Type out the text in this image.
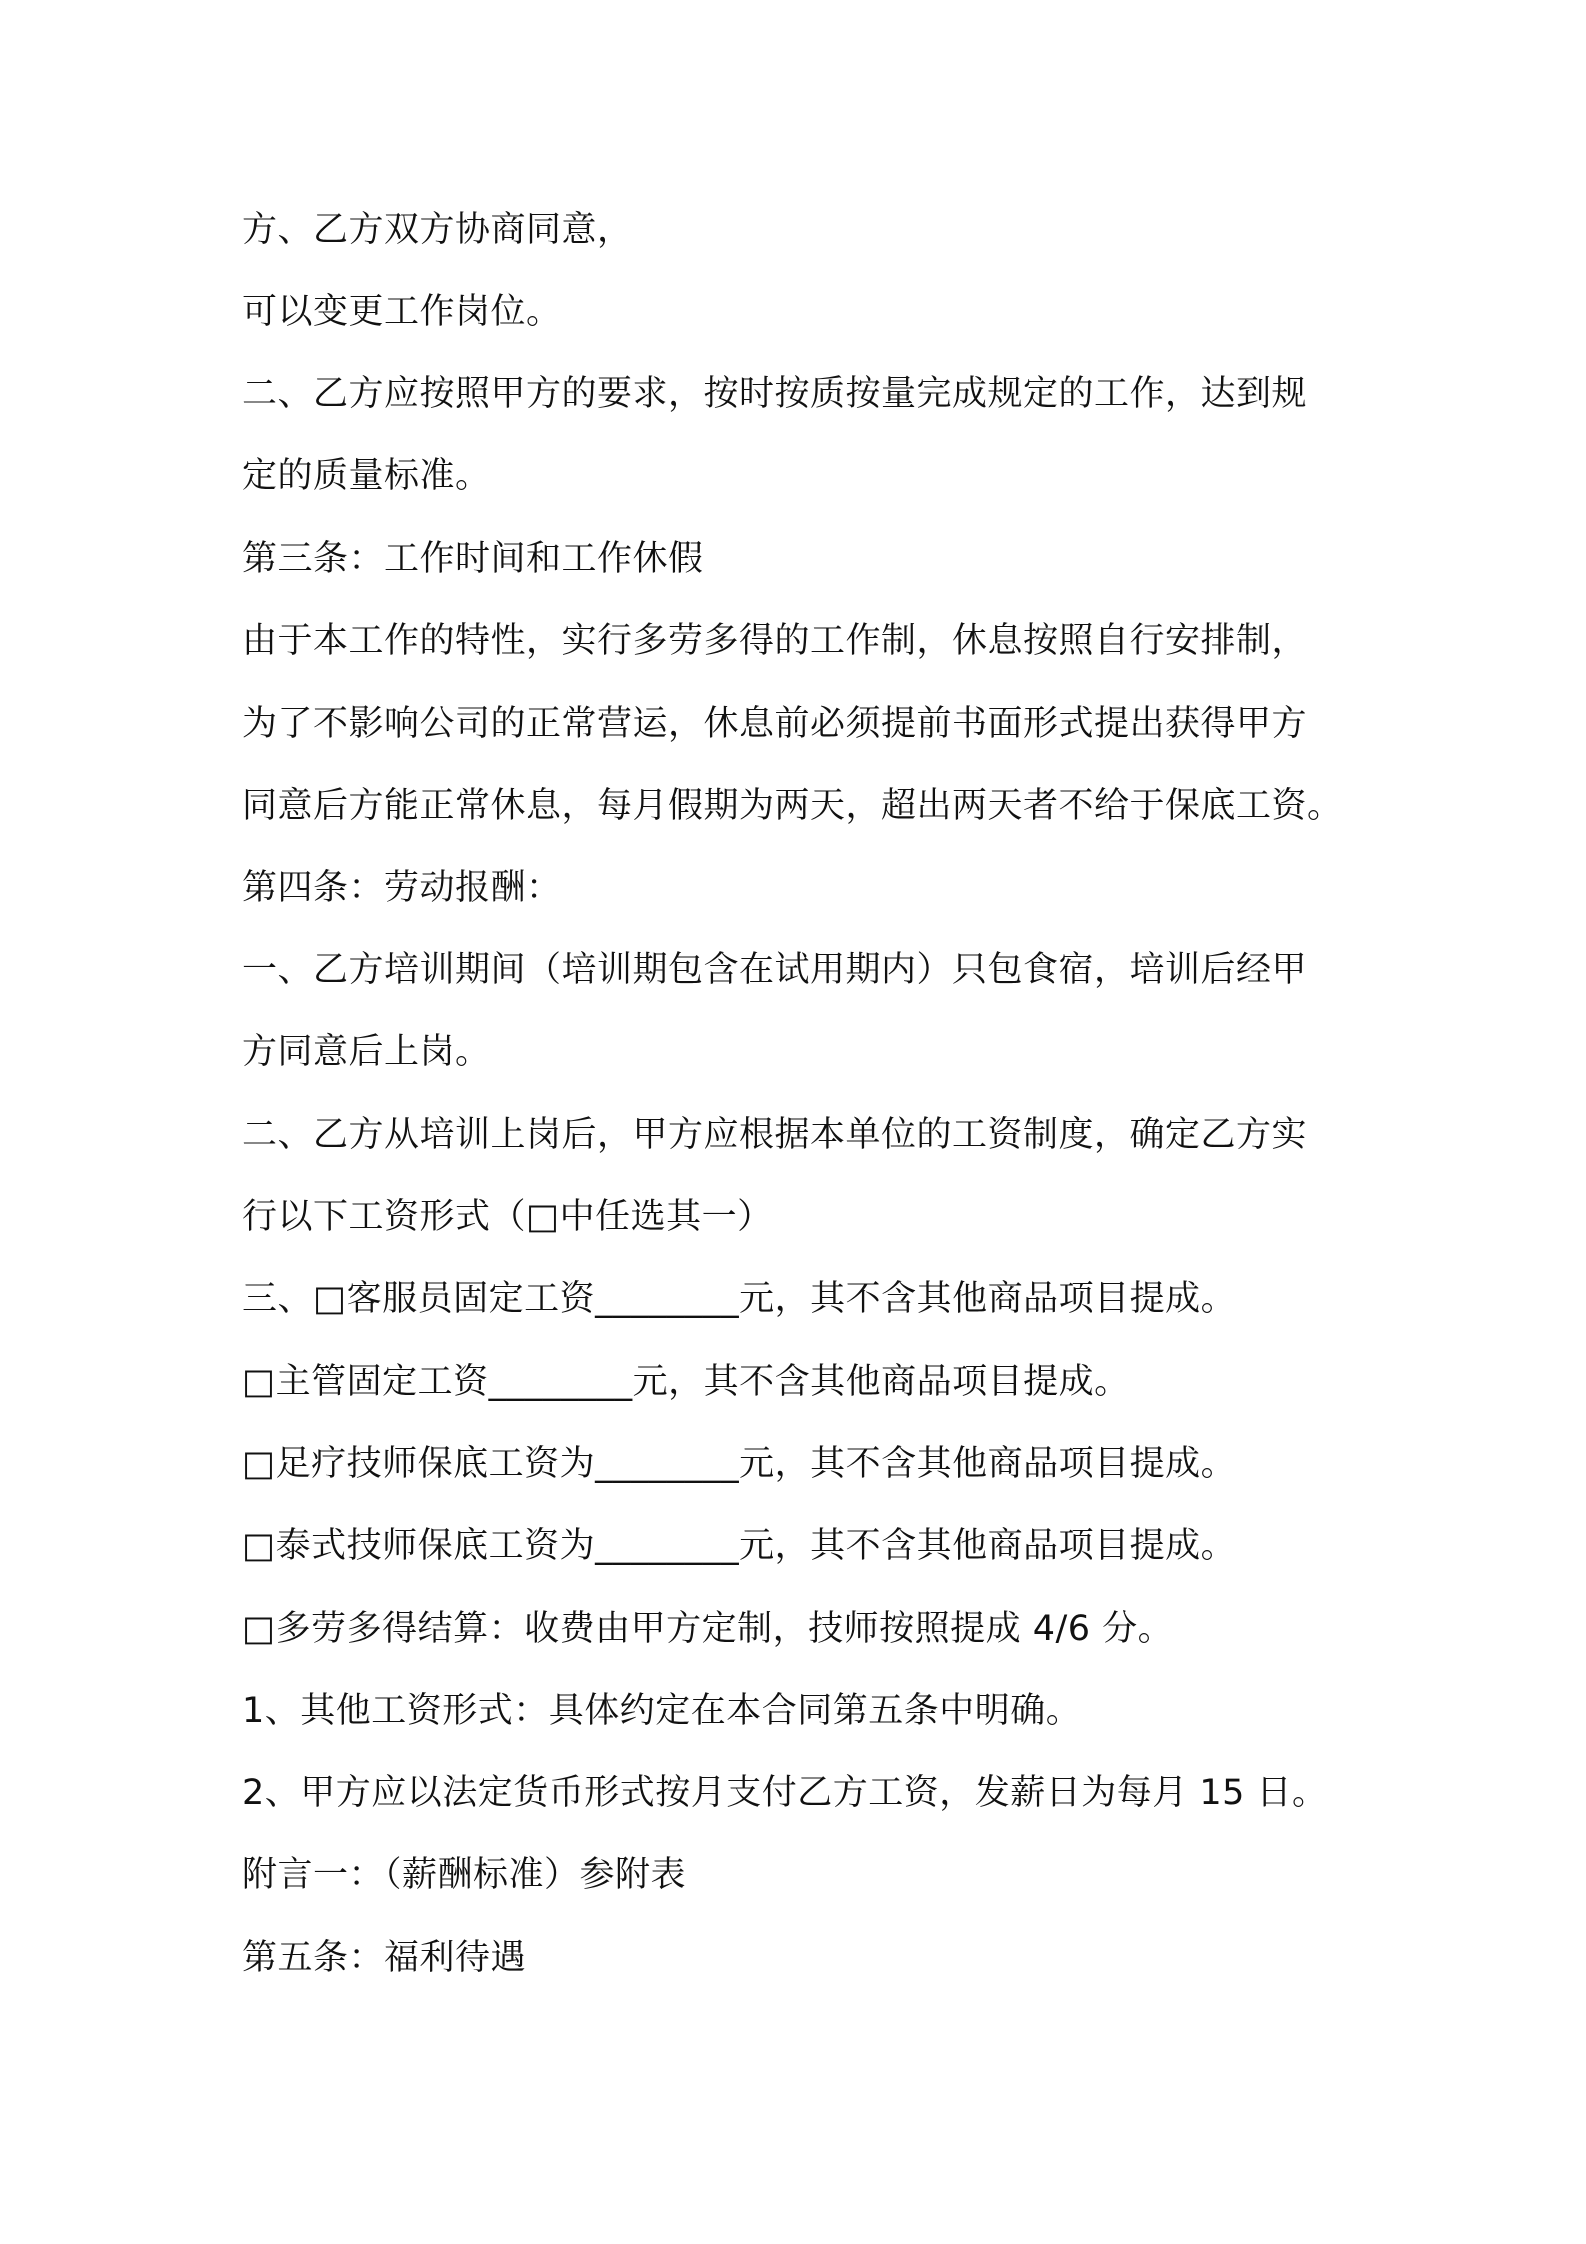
方、乙方双方协商同意，
可以变更工作岗位。
二、乙方应按照甲方的要求，按时按质按量完成规定的工作，达到规
定的质量标准。
第三条：工作时间和工作休假
由于本工作的特性，实行多劳多得的工作制，休息按照自行安排制，
为了不影响公司的正常营运，休息前必须提前书面形式提出获得甲方
同意后方能正常休息，每月假期为两天，超出两天者不给于保底工资。
第四条：劳动报酬：
一、乙方培训期间（培训期包含在试用期内）只包食宿，培训后经甲
方同意后上岗。
二、乙方从培训上岗后，甲方应根据本单位的工资制度，确定乙方实
行以下工资形式（□中任选其一）
三、□客服员固定工资________元，其不含其他商品项目提成。
□主管固定工资________元，其不含其他商品项目提成。
□足疗技师保底工资为________元，其不含其他商品项目提成。
□泰式技师保底工资为________元，其不含其他商品项目提成。
□多劳多得结算：收费由甲方定制，技师按照提成 4/6 分。
1、其他工资形式：具体约定在本合同第五条中明确。
2、甲方应以法定货币形式按月支付乙方工资，发薪日为每月 15 日。
附言一：（薪酬标准）参附表
第五条：福利待遇
